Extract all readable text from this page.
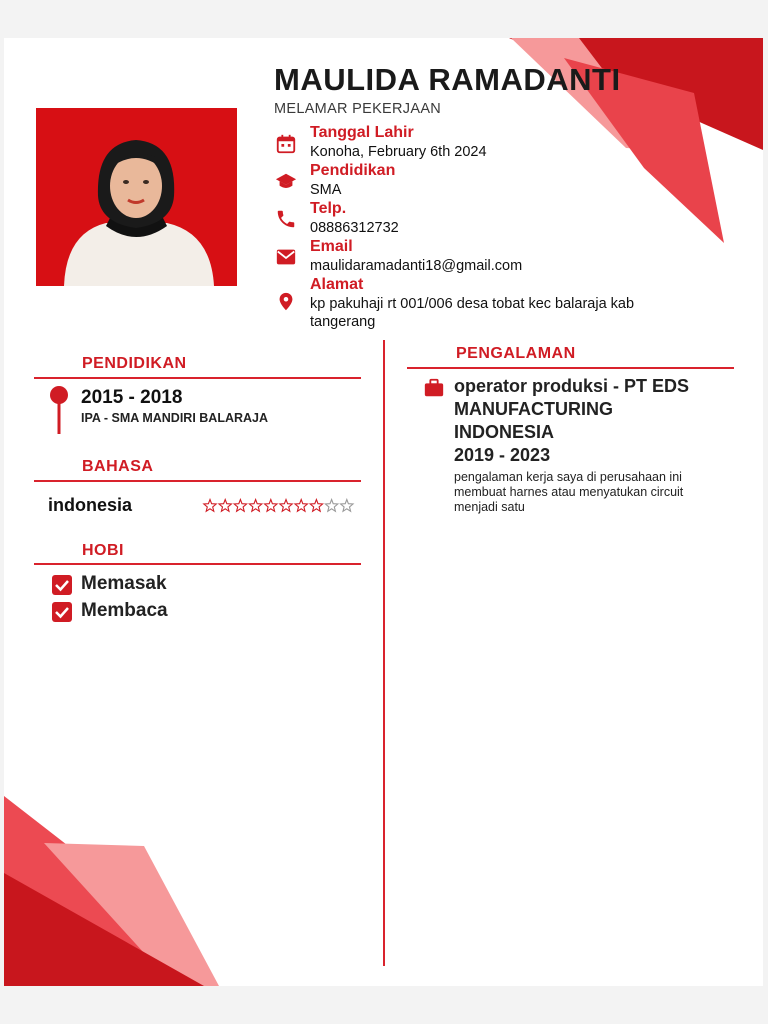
MAULIDA RAMADANTI
MELAMAR PEKERJAAN
Tanggal Lahir
Konoha, February 6th 2024
Pendidikan
SMA
Telp.
08886312732
Email
maulidaramadanti18@gmail.com
Alamat
kp pakuhaji rt 001/006 desa tobat kec balaraja kab
tangerang
PENDIDIKAN
2015 - 2018
IPA - SMA MANDIRI BALARAJA
BAHASA
indonesia
HOBI
Memasak
Membaca
PENGALAMAN
operator produksi - PT EDS
MANUFACTURING
INDONESIA
2019 - 2023
pengalaman kerja saya di perusahaan ini
membuat harnes atau menyatukan circuit
menjadi satu
